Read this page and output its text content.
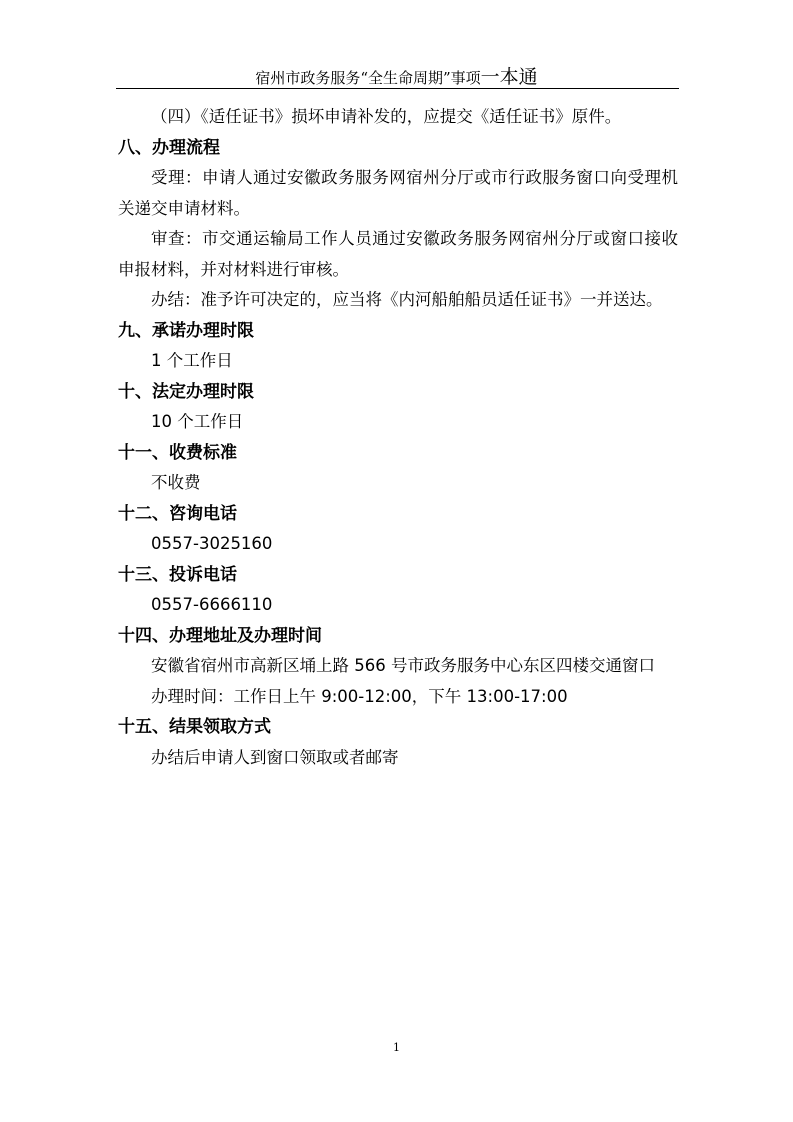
宿州市政务服务“全生命周期”事项一本通

（四）《适任证书》损坏申请补发的，应提交《适任证书》原件。

八、办理流程

受理：申请人通过安徽政务服务网宿州分厅或市行政服务窗口向受理机关递交申请材料。

审查：市交通运输局工作人员通过安徽政务服务网宿州分厅或窗口接收申报材料，并对材料进行审核。

办结：准予许可决定的，应当将《内河船舶船员适任证书》一并送达。

九、承诺办理时限

1 个工作日

十、法定办理时限

10 个工作日

十一、收费标准

不收费

十二、咨询电话

0557-3025160

十三、投诉电话

0557-6666110

十四、办理地址及办理时间

安徽省宿州市高新区埇上路 566 号市政务服务中心东区四楼交通窗口

办理时间：工作日上午 9:00-12:00，下午 13:00-17:00

十五、结果领取方式

办结后申请人到窗口领取或者邮寄

1
